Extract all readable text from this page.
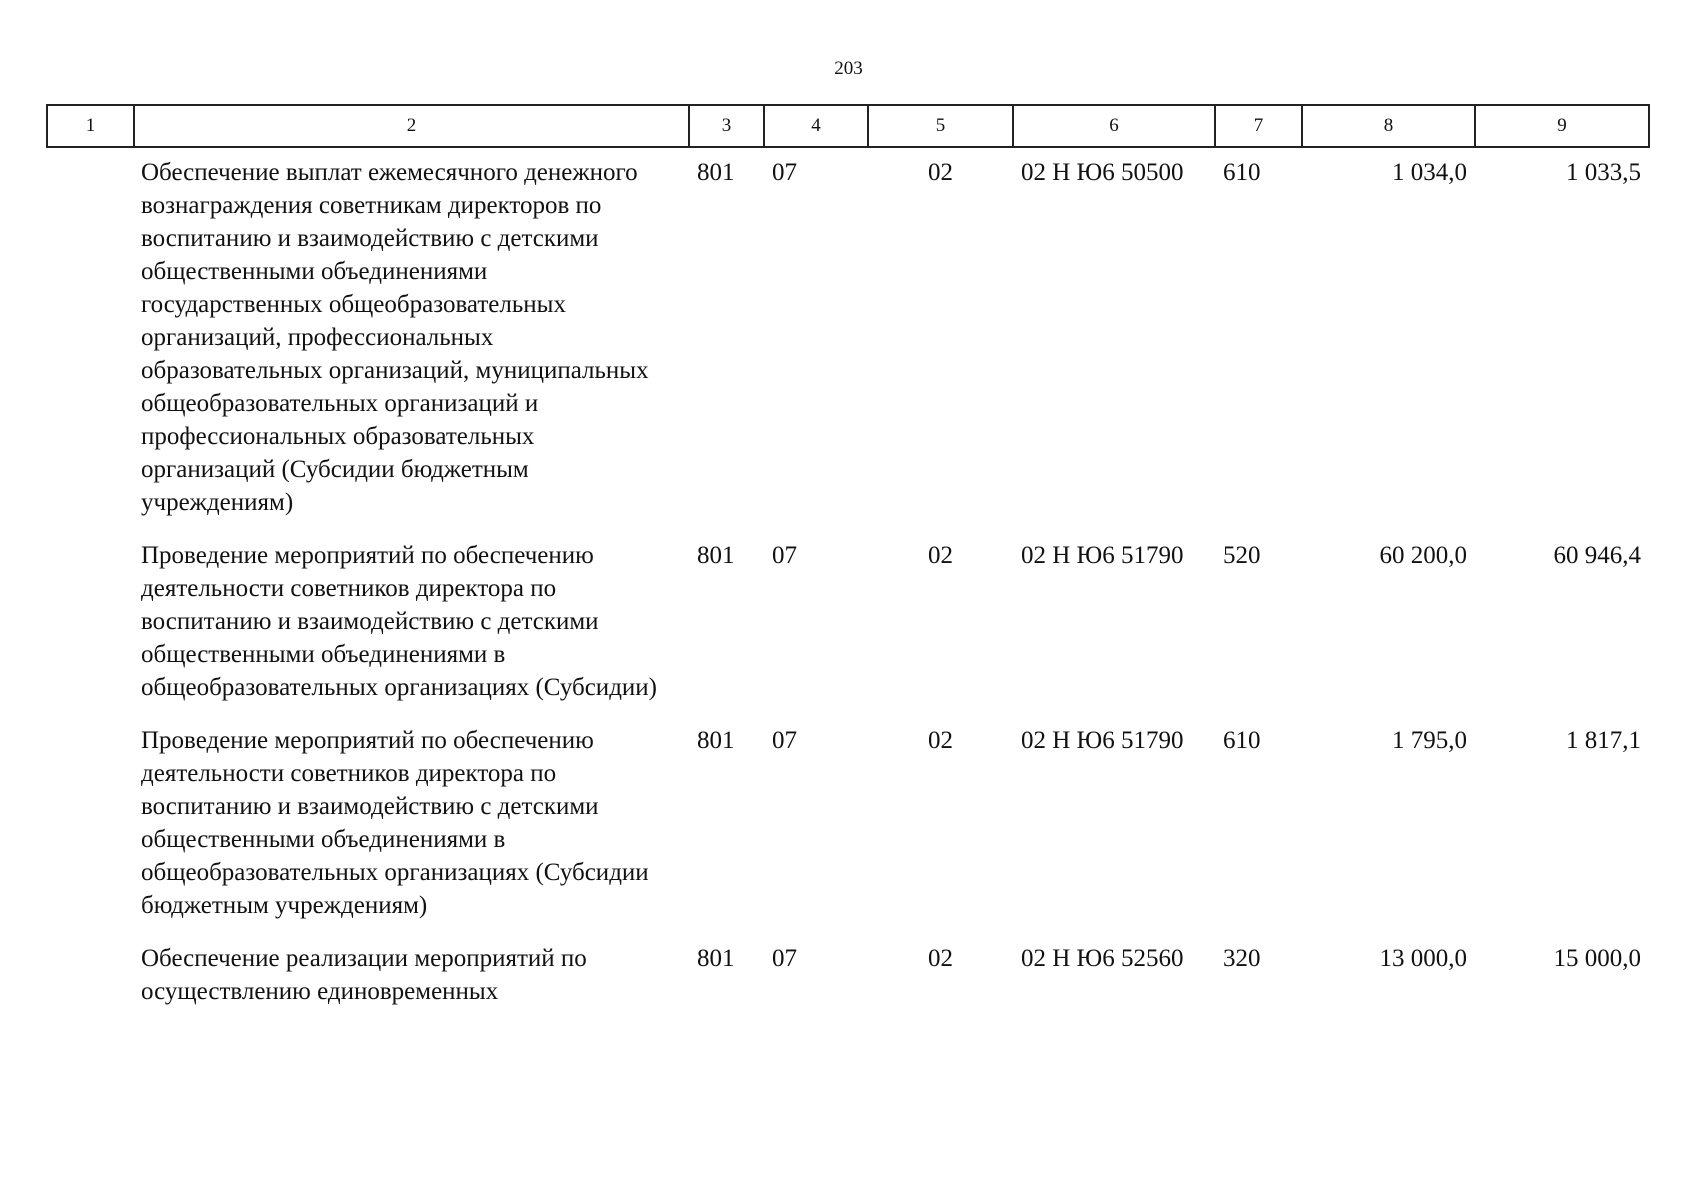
203
1	2	3	4	5	6	7	8	9
	Обеспечение выплат ежемесячного денежного вознаграждения советникам директоров по воспитанию и взаимодействию с детскими общественными объединениями государственных общеобразовательных организаций, профессиональных образовательных организаций, муниципальных общеобразовательных организаций и профессиональных образовательных организаций (Субсидии бюджетным учреждениям)	801	07	02	02 Н Ю6 50500	610	1 034,0	1 033,5
	Проведение мероприятий по обеспечению деятельности советников директора по воспитанию и взаимодействию с детскими общественными объединениями в общеобразовательных организациях (Субсидии)	801	07	02	02 Н Ю6 51790	520	60 200,0	60 946,4
	Проведение мероприятий по обеспечению деятельности советников директора по воспитанию и взаимодействию с детскими общественными объединениями в общеобразовательных организациях (Субсидии бюджетным учреждениям)	801	07	02	02 Н Ю6 51790	610	1 795,0	1 817,1
	Обеспечение реализации мероприятий по осуществлению единовременных	801	07	02	02 Н Ю6 52560	320	13 000,0	15 000,0
